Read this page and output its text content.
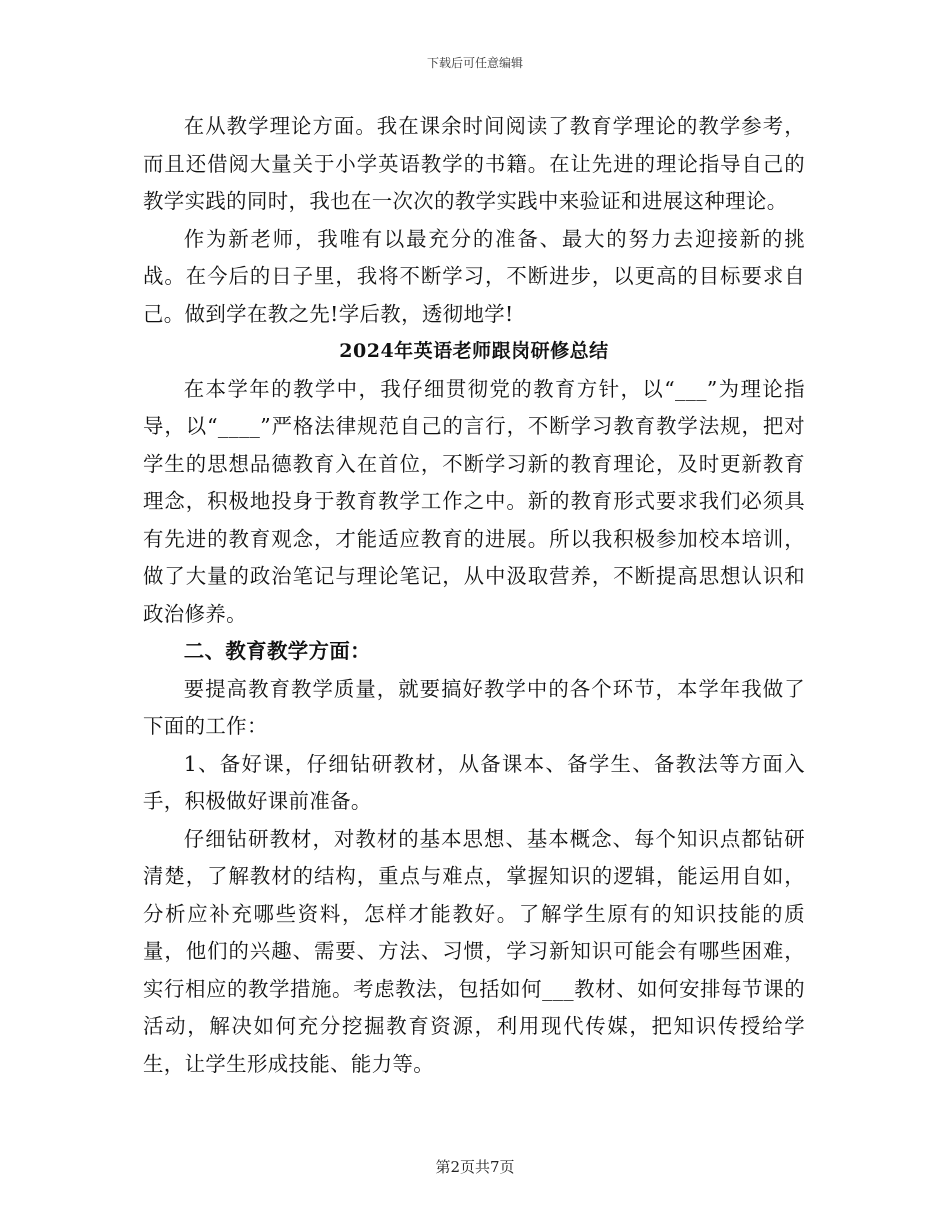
下载后可任意编辑

在从教学理论方面。我在课余时间阅读了教育学理论的教学参考，而且还借阅大量关于小学英语教学的书籍。在让先进的理论指导自己的教学实践的同时，我也在一次次的教学实践中来验证和进展这种理论。

作为新老师，我唯有以最充分的准备、最大的努力去迎接新的挑战。在今后的日子里，我将不断学习，不断进步，以更高的目标要求自己。做到学在教之先!学后教，透彻地学!

2024年英语老师跟岗研修总结

在本学年的教学中，我仔细贯彻党的教育方针，以“___”为理论指导，以“____”严格法律规范自己的言行，不断学习教育教学法规，把对学生的思想品德教育入在首位，不断学习新的教育理论，及时更新教育理念，积极地投身于教育教学工作之中。新的教育形式要求我们必须具有先进的教育观念，才能适应教育的进展。所以我积极参加校本培训，做了大量的政治笔记与理论笔记，从中汲取营养，不断提高思想认识和政治修养。

二、教育教学方面：

要提高教育教学质量，就要搞好教学中的各个环节，本学年我做了下面的工作：

1、备好课，仔细钻研教材，从备课本、备学生、备教法等方面入手，积极做好课前准备。

仔细钻研教材，对教材的基本思想、基本概念、每个知识点都钻研清楚，了解教材的结构，重点与难点，掌握知识的逻辑，能运用自如，分析应补充哪些资料，怎样才能教好。了解学生原有的知识技能的质量，他们的兴趣、需要、方法、习惯，学习新知识可能会有哪些困难，实行相应的教学措施。考虑教法，包括如何___教材、如何安排每节课的活动，解决如何充分挖掘教育资源，利用现代传媒，把知识传授给学生，让学生形成技能、能力等。

第2页共7页
